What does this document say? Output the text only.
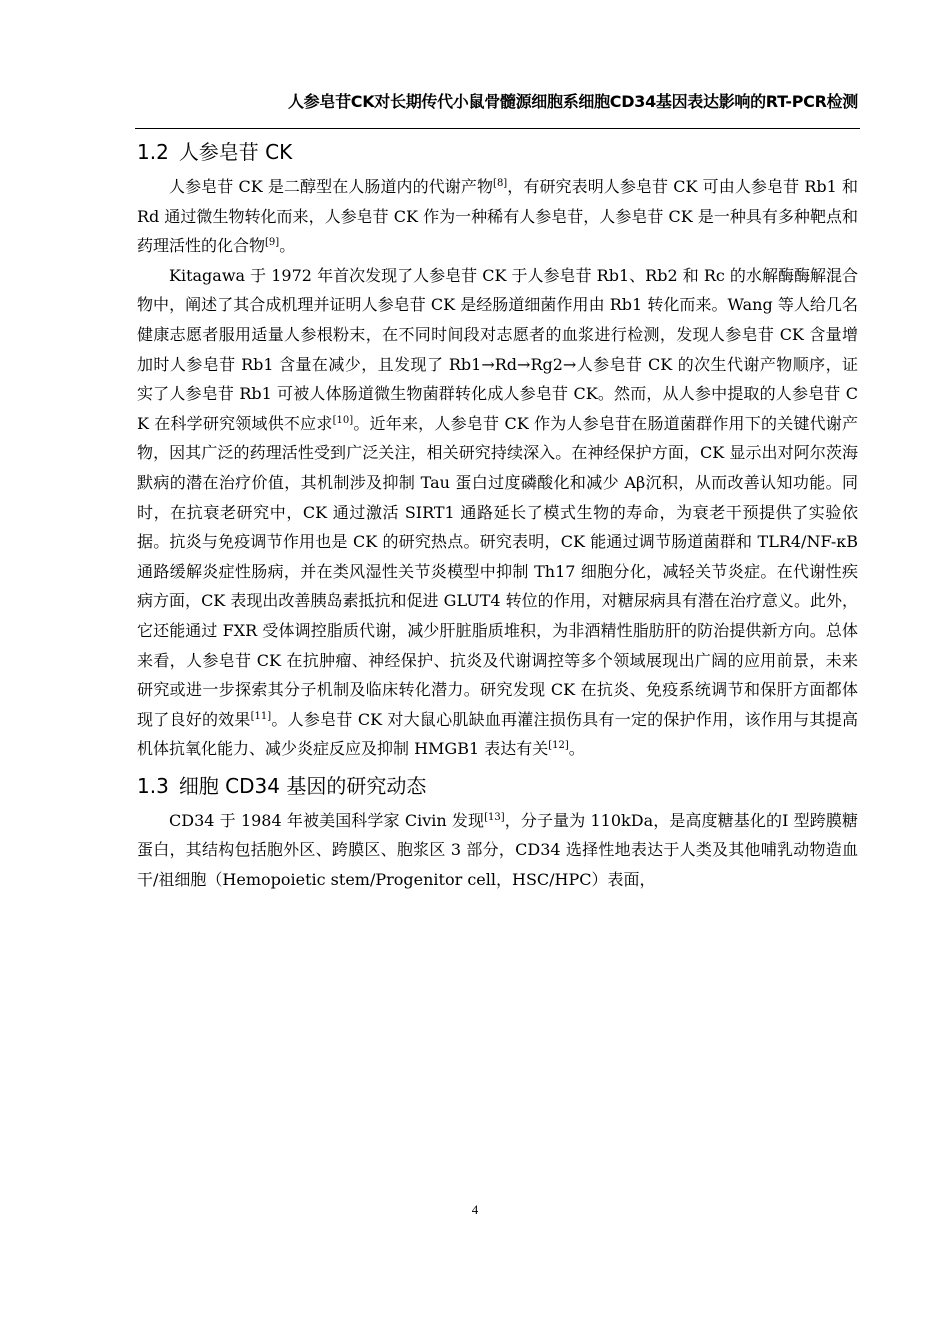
人参皂苷CK对长期传代小鼠骨髓源细胞系细胞CD34基因表达影响的RT-PCR检测
1.2 人参皂苷 CK

人参皂苷 CK 是二醇型在人肠道内的代谢产物[8]，有研究表明人参皂苷 CK 可由人参皂苷 Rb1 和 Rd 通过微生物转化而来，人参皂苷 CK 作为一种稀有人参皂苷，人参皂苷 CK 是一种具有多种靶点和药理活性的化合物[9]。

Kitagawa 于 1972 年首次发现了人参皂苷 CK 于人参皂苷 Rb1、Rb2 和 Rc 的水解酶酶解混合物中，阐述了其合成机理并证明人参皂苷 CK 是经肠道细菌作用由 Rb1 转化而来。Wang 等人给几名健康志愿者服用适量人参根粉末，在不同时间段对志愿者的血浆进行检测，发现人参皂苷 CK 含量增加时人参皂苷 Rb1 含量在减少，且发现了 Rb1→Rd→Rg2→人参皂苷 CK 的次生代谢产物顺序，证实了人参皂苷 Rb1 可被人体肠道微生物菌群转化成人参皂苷 CK。然而，从人参中提取的人参皂苷 CK 在科学研究领域供不应求[10]。近年来，人参皂苷 CK 作为人参皂苷在肠道菌群作用下的关键代谢产物，因其广泛的药理活性受到广泛关注，相关研究持续深入。在神经保护方面，CK 显示出对阿尔茨海默病的潜在治疗价值，其机制涉及抑制 Tau 蛋白过度磷酸化和减少 Aβ沉积，从而改善认知功能。同时，在抗衰老研究中，CK 通过激活 SIRT1 通路延长了模式生物的寿命，为衰老干预提供了实验依据。抗炎与免疫调节作用也是 CK 的研究热点。研究表明，CK 能通过调节肠道菌群和 TLR4/NF-κB 通路缓解炎症性肠病，并在类风湿性关节炎模型中抑制 Th17 细胞分化，减轻关节炎症。在代谢性疾病方面，CK 表现出改善胰岛素抵抗和促进 GLUT4 转位的作用，对糖尿病具有潜在治疗意义。此外，它还能通过 FXR 受体调控脂质代谢，减少肝脏脂质堆积，为非酒精性脂肪肝的防治提供新方向。总体来看，人参皂苷 CK 在抗肿瘤、神经保护、抗炎及代谢调控等多个领域展现出广阔的应用前景，未来研究或进一步探索其分子机制及临床转化潜力。研究发现 CK 在抗炎、免疫系统调节和保肝方面都体现了良好的效果[11]。人参皂苷 CK 对大鼠心肌缺血再灌注损伤具有一定的保护作用，该作用与其提高机体抗氧化能力、减少炎症反应及抑制 HMGB1 表达有关[12]。

1.3 细胞 CD34 基因的研究动态

CD34 于 1984 年被美国科学家 Civin 发现[13]，分子量为 110kDa，是高度糖基化的I 型跨膜糖蛋白，其结构包括胞外区、跨膜区、胞浆区 3 部分，CD34 选择性地表达于人类及其他哺乳动物造血干/祖细胞（Hemopoietic stem/Progenitor cell，HSC/HPC）表面，

4
